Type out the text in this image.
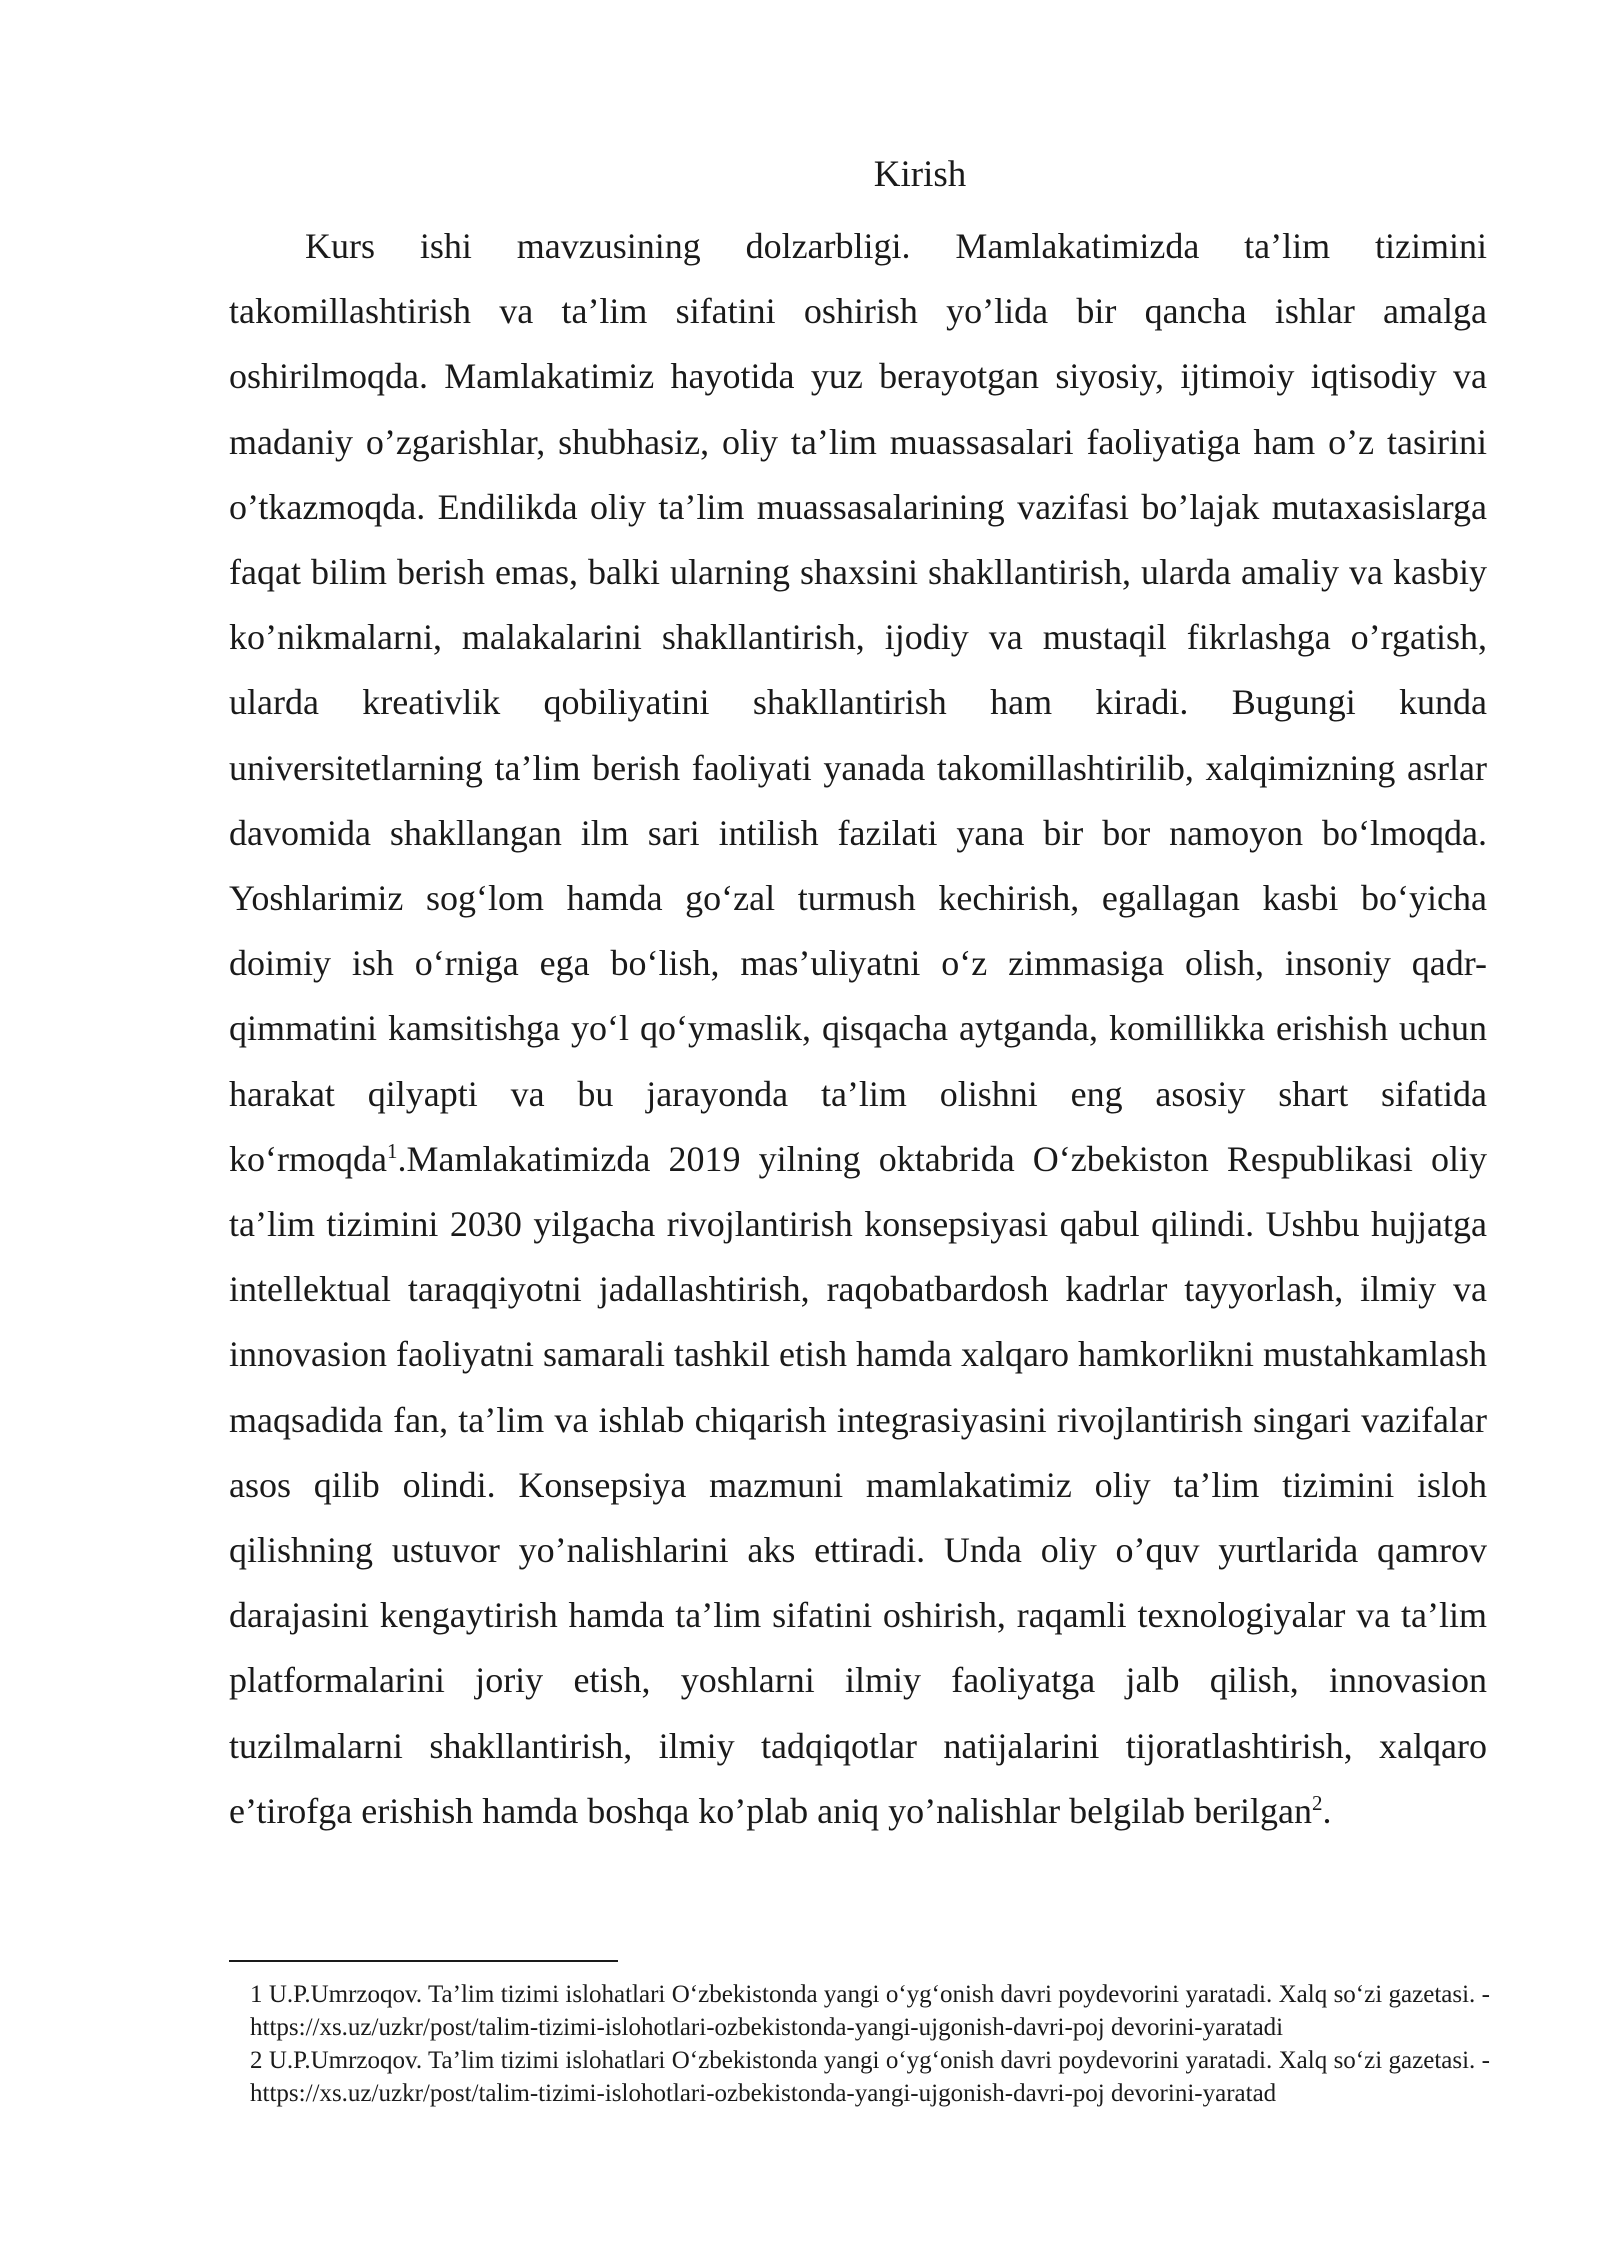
Kirish

Kurs ishi mavzusining dolzarbligi. Mamlakatimizda ta’lim tizimini takomillashtirish va ta’lim sifatini oshirish yo’lida bir qancha ishlar amalga oshirilmoqda. Mamlakatimiz hayotida yuz berayotgan siyosiy, ijtimoiy iqtisodiy va madaniy o’zgarishlar, shubhasiz, oliy ta’lim muassasalari faoliyatiga ham o’z tasirini o’tkazmoqda. Endilikda oliy ta’lim muassasalarining vazifasi bo’lajak mutaxasislarga faqat bilim berish emas, balki ularning shaxsini shakllantirish, ularda amaliy va kasbiy ko’nikmalarni, malakalarini shakllantirish, ijodiy va mustaqil fikrlashga o’rgatish, ularda kreativlik qobiliyatini shakllantirish ham kiradi. Bugungi kunda universitetlarning ta’lim berish faoliyati yanada takomillashtirilib, xalqimizning asrlar davomida shakllangan ilm sari intilish fazilati yana bir bor namoyon bo‘lmoqda. Yoshlarimiz sog‘lom hamda go‘zal turmush kechirish, egallagan kasbi bo‘yicha doimiy ish o‘rniga ega bo‘lish, mas’uliyatni o‘z zimmasiga olish, insoniy qadr-qimmatini kamsitishga yo‘l qo‘ymaslik, qisqacha aytganda, komillikka erishish uchun harakat qilyapti va bu jarayonda ta’lim olishni eng asosiy shart sifatida ko‘rmoqda$^1$.Mamlakatimizda 2019 yilning oktabrida O‘zbekiston Respublikasi oliy ta’lim tizimini 2030 yilgacha rivojlantirish konsepsiyasi qabul qilindi. Ushbu hujjatga intellektual taraqqiyotni jadallashtirish, raqobatbardosh kadrlar tayyorlash, ilmiy va innovasion faoliyatni samarali tashkil etish hamda xalqaro hamkorlikni mustahkamlash maqsadida fan, ta’lim va ishlab chiqarish integrasiyasini rivojlantirish singari vazifalar asos qilib olindi. Konsepsiya mazmuni mamlakatimiz oliy ta’lim tizimini isloh qilishning ustuvor yo’nalishlarini aks ettiradi. Unda oliy o’quv yurtlarida qamrov darajasini kengaytirish hamda ta’lim sifatini oshirish, raqamli texnologiyalar va ta’lim platformalarini joriy etish, yoshlarni ilmiy faoliyatga jalb qilish, innovasion tuzilmalarni shakllantirish, ilmiy tadqiqotlar natijalarini tijoratlashtirish, xalqaro e’tirofga erishish hamda boshqa ko’plab aniq yo’nalishlar belgilab berilgan$^2$.

1 U.P.Umrzoqov. Ta’lim tizimi islohatlari O‘zbekistonda yangi o‘yg‘onish davri poydevorini yaratadi. Xalq so‘zi gazetasi. - https://xs.uz/uzkr/post/talim-tizimi-islohotlari-ozbekistonda-yangi-ujgonish-davri-poj devorini-yaratadi

2 U.P.Umrzoqov. Ta’lim tizimi islohatlari O‘zbekistonda yangi o‘yg‘onish davri poydevorini yaratadi. Xalq so‘zi gazetasi. - https://xs.uz/uzkr/post/talim-tizimi-islohotlari-ozbekistonda-yangi-ujgonish-davri-poj devorini-yaratad
